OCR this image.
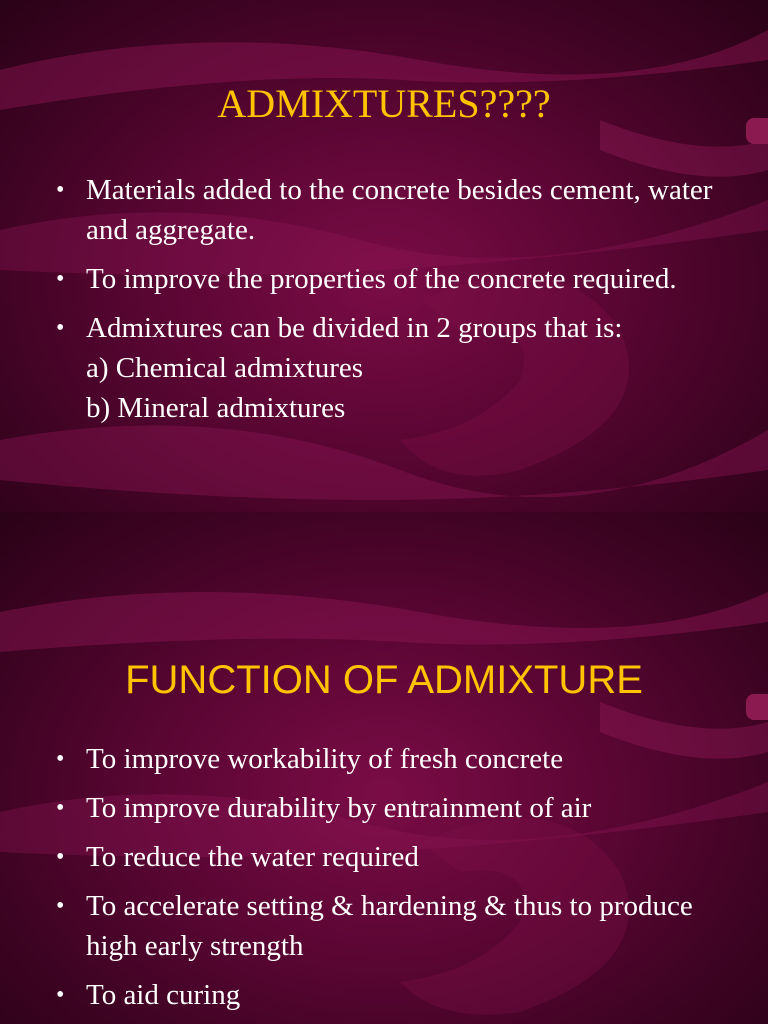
ADMIXTURES????
• Materials added to the concrete besides cement, water and aggregate.
• To improve the properties of the concrete required.
• Admixtures can be divided in 2 groups that is:
a) Chemical admixtures
b) Mineral admixtures
FUNCTION OF ADMIXTURE
• To improve workability of fresh concrete
• To improve durability by entrainment of air
• To reduce the water required
• To accelerate setting & hardening & thus to produce high early strength
• To aid curing
